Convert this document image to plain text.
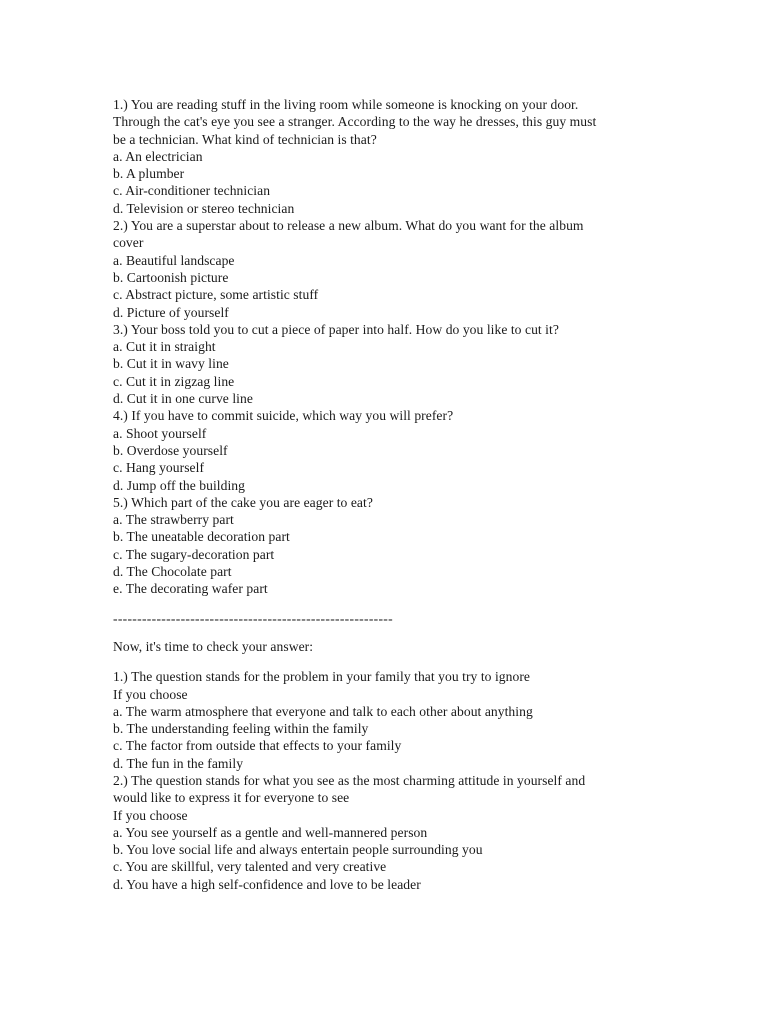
1.) You are reading stuff in the living room while someone is knocking on your door.
Through the cat's eye you see a stranger. According to the way he dresses, this guy must
be a technician. What kind of technician is that?
a. An electrician
b. A plumber
c. Air-conditioner technician
d. Television or stereo technician
2.) You are a superstar about to release a new album. What do you want for the album
cover
a. Beautiful landscape
b. Cartoonish picture
c. Abstract picture, some artistic stuff
d. Picture of yourself
3.) Your boss told you to cut a piece of paper into half. How do you like to cut it?
a. Cut it in straight
b. Cut it in wavy line
c. Cut it in zigzag line
d. Cut it in one curve line
4.) If you have to commit suicide, which way you will prefer?
a. Shoot yourself
b. Overdose yourself
c. Hang yourself
d. Jump off the building
5.) Which part of the cake you are eager to eat?
a. The strawberry part
b. The uneatable decoration part
c. The sugary-decoration part
d. The Chocolate part
e. The decorating wafer part
----------------------------------------------------------
Now, it's time to check your answer:
1.) The question stands for the problem in your family that you try to ignore
If you choose
a. The warm atmosphere that everyone and talk to each other about anything
b. The understanding feeling within the family
c. The factor from outside that effects to your family
d. The fun in the family
2.) The question stands for what you see as the most charming attitude in yourself and
would like to express it for everyone to see
If you choose
a. You see yourself as a gentle and well-mannered person
b. You love social life and always entertain people surrounding you
c. You are skillful, very talented and very creative
d. You have a high self-confidence and love to be leader
